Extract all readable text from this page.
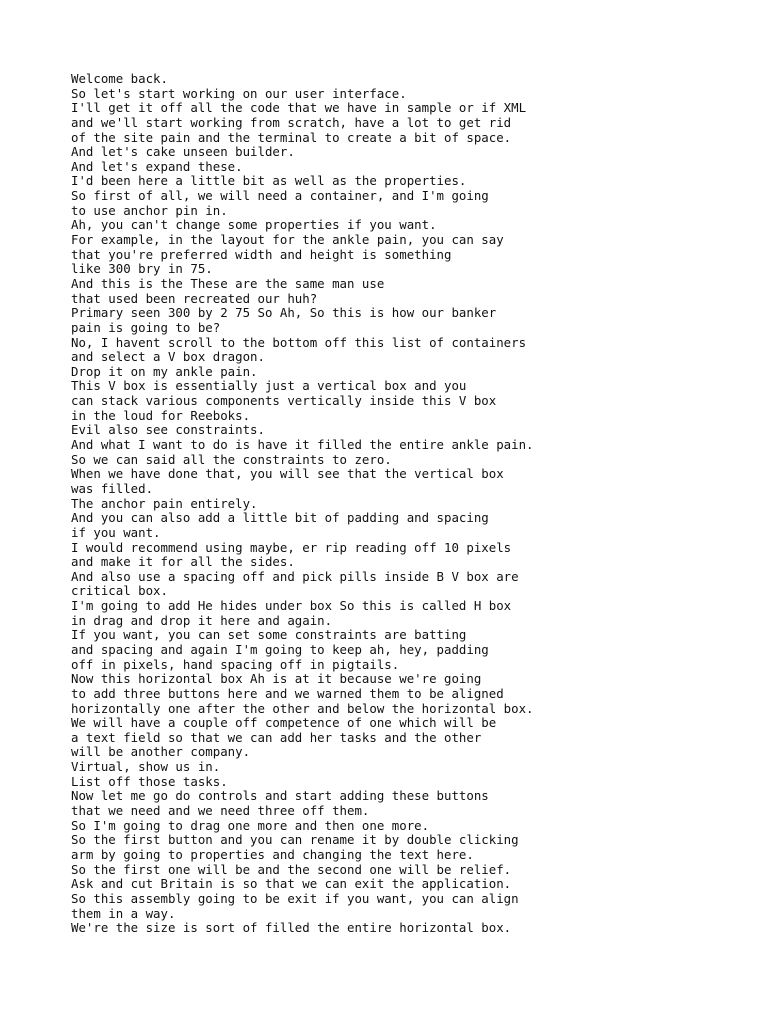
Welcome back.
So let's start working on our user interface.
I'll get it off all the code that we have in sample or if XML
and we'll start working from scratch, have a lot to get rid
of the site pain and the terminal to create a bit of space.
And let's cake unseen builder.
And let's expand these.
I'd been here a little bit as well as the properties.
So first of all, we will need a container, and I'm going
to use anchor pin in.
Ah, you can't change some properties if you want.
For example, in the layout for the ankle pain, you can say
that you're preferred width and height is something
like 300 bry in 75.
And this is the These are the same man use
that used been recreated our huh?
Primary seen 300 by 2 75 So Ah, So this is how our banker
pain is going to be?
No, I havent scroll to the bottom off this list of containers
and select a V box dragon.
Drop it on my ankle pain.
This V box is essentially just a vertical box and you
can stack various components vertically inside this V box
in the loud for Reeboks.
Evil also see constraints.
And what I want to do is have it filled the entire ankle pain.
So we can said all the constraints to zero.
When we have done that, you will see that the vertical box
was filled.
The anchor pain entirely.
And you can also add a little bit of padding and spacing
if you want.
I would recommend using maybe, er rip reading off 10 pixels
and make it for all the sides.
And also use a spacing off and pick pills inside B V box are
critical box.
I'm going to add He hides under box So this is called H box
in drag and drop it here and again.
If you want, you can set some constraints are batting
and spacing and again I'm going to keep ah, hey, padding
off in pixels, hand spacing off in pigtails.
Now this horizontal box Ah is at it because we're going
to add three buttons here and we warned them to be aligned
horizontally one after the other and below the horizontal box.
We will have a couple off competence of one which will be
a text field so that we can add her tasks and the other
will be another company.
Virtual, show us in.
List off those tasks.
Now let me go do controls and start adding these buttons
that we need and we need three off them.
So I'm going to drag one more and then one more.
So the first button and you can rename it by double clicking
arm by going to properties and changing the text here.
So the first one will be and the second one will be relief.
Ask and cut Britain is so that we can exit the application.
So this assembly going to be exit if you want, you can align
them in a way.
We're the size is sort of filled the entire horizontal box.
